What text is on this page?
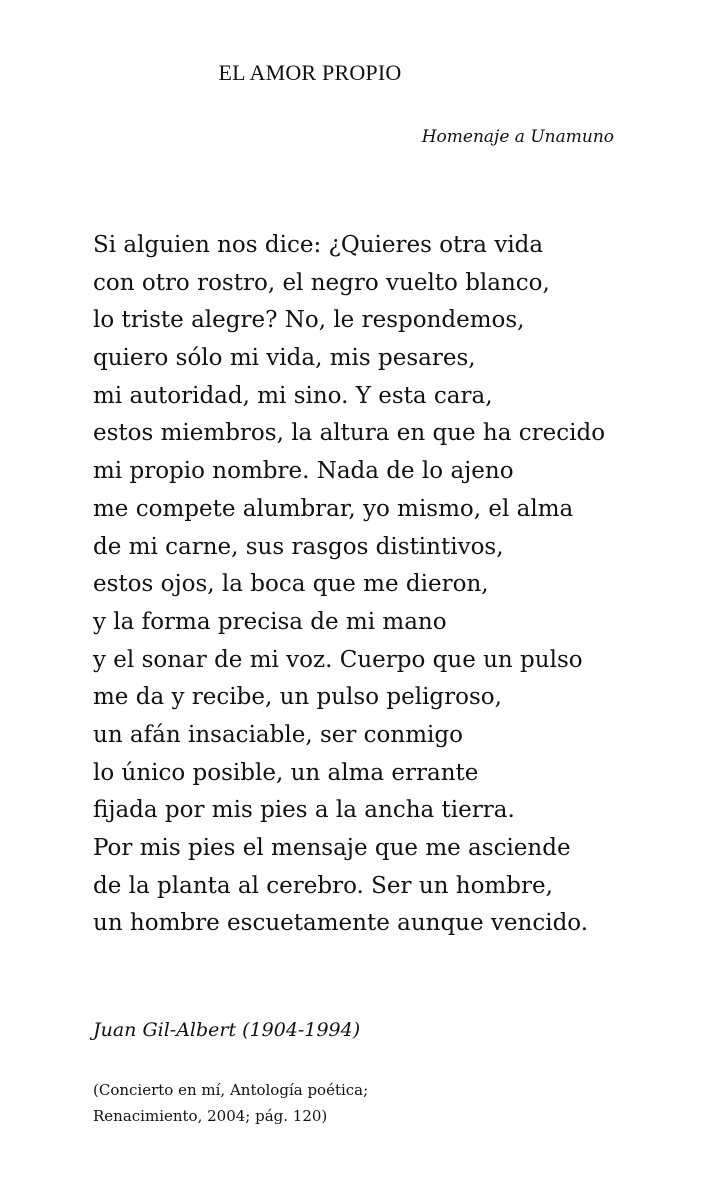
EL AMOR PROPIO
Homenaje a Unamuno
Si alguien nos dice: ¿Quieres otra vida
con otro rostro, el negro vuelto blanco,
lo triste alegre? No, le respondemos,
quiero sólo mi vida, mis pesares,
mi autoridad, mi sino. Y esta cara,
estos miembros, la altura en que ha crecido
mi propio nombre. Nada de lo ajeno
me compete alumbrar, yo mismo, el alma
de mi carne, sus rasgos distintivos,
estos ojos, la boca que me dieron,
y la forma precisa de mi mano
y el sonar de mi voz. Cuerpo que un pulso
me da y recibe, un pulso peligroso,
un afán insaciable, ser conmigo
lo único posible, un alma errante
fijada por mis pies a la ancha tierra.
Por mis pies el mensaje que me asciende
de la planta al cerebro. Ser un hombre,
un hombre escuetamente aunque vencido.
Juan Gil-Albert (1904-1994)
(Concierto en mí, Antología poética;
Renacimiento, 2004; pág. 120)
